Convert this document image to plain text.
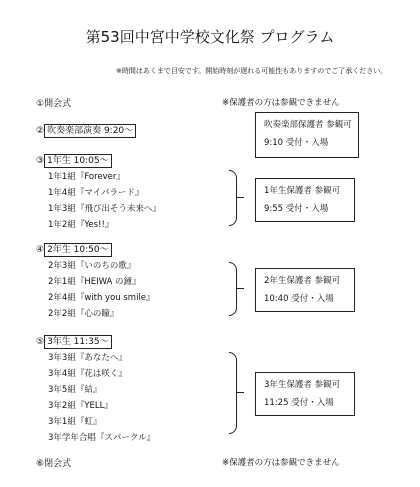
第53回中宮中学校文化祭 プログラム
※時間はあくまで目安です。開始時刻が遅れる可能性もありますのでご了承ください。
①開会式	※保護者の方は参観できません
② 吹奏楽部演奏 9:20〜
吹奏楽部保護者 参観可
9:10 受付・入場
③ 1年生 10:05〜
1年1組『Forever』
1年4組『マイパラード』
1年3組『飛び出そう未来へ』
1年2組『Yes!!』
1年生保護者 参観可
9:55 受付・入場
④ 2年生 10:50〜
2年3組『いのちの歌』
2年1組『HEIWA の鐘』
2年4組『with you smile』
2年2組『心の瞳』
2年生保護者 参観可
10:40 受付・入場
⑤ 3年生 11:35〜
3年3組『あなたへ』
3年4組『花は咲く』
3年5組『結』
3年2組『YELL』
3年1組『虹』
3年学年合唱『スパークル』
3年生保護者 参観可
11:25 受付・入場
⑥閉会式	※保護者の方は参観できません
